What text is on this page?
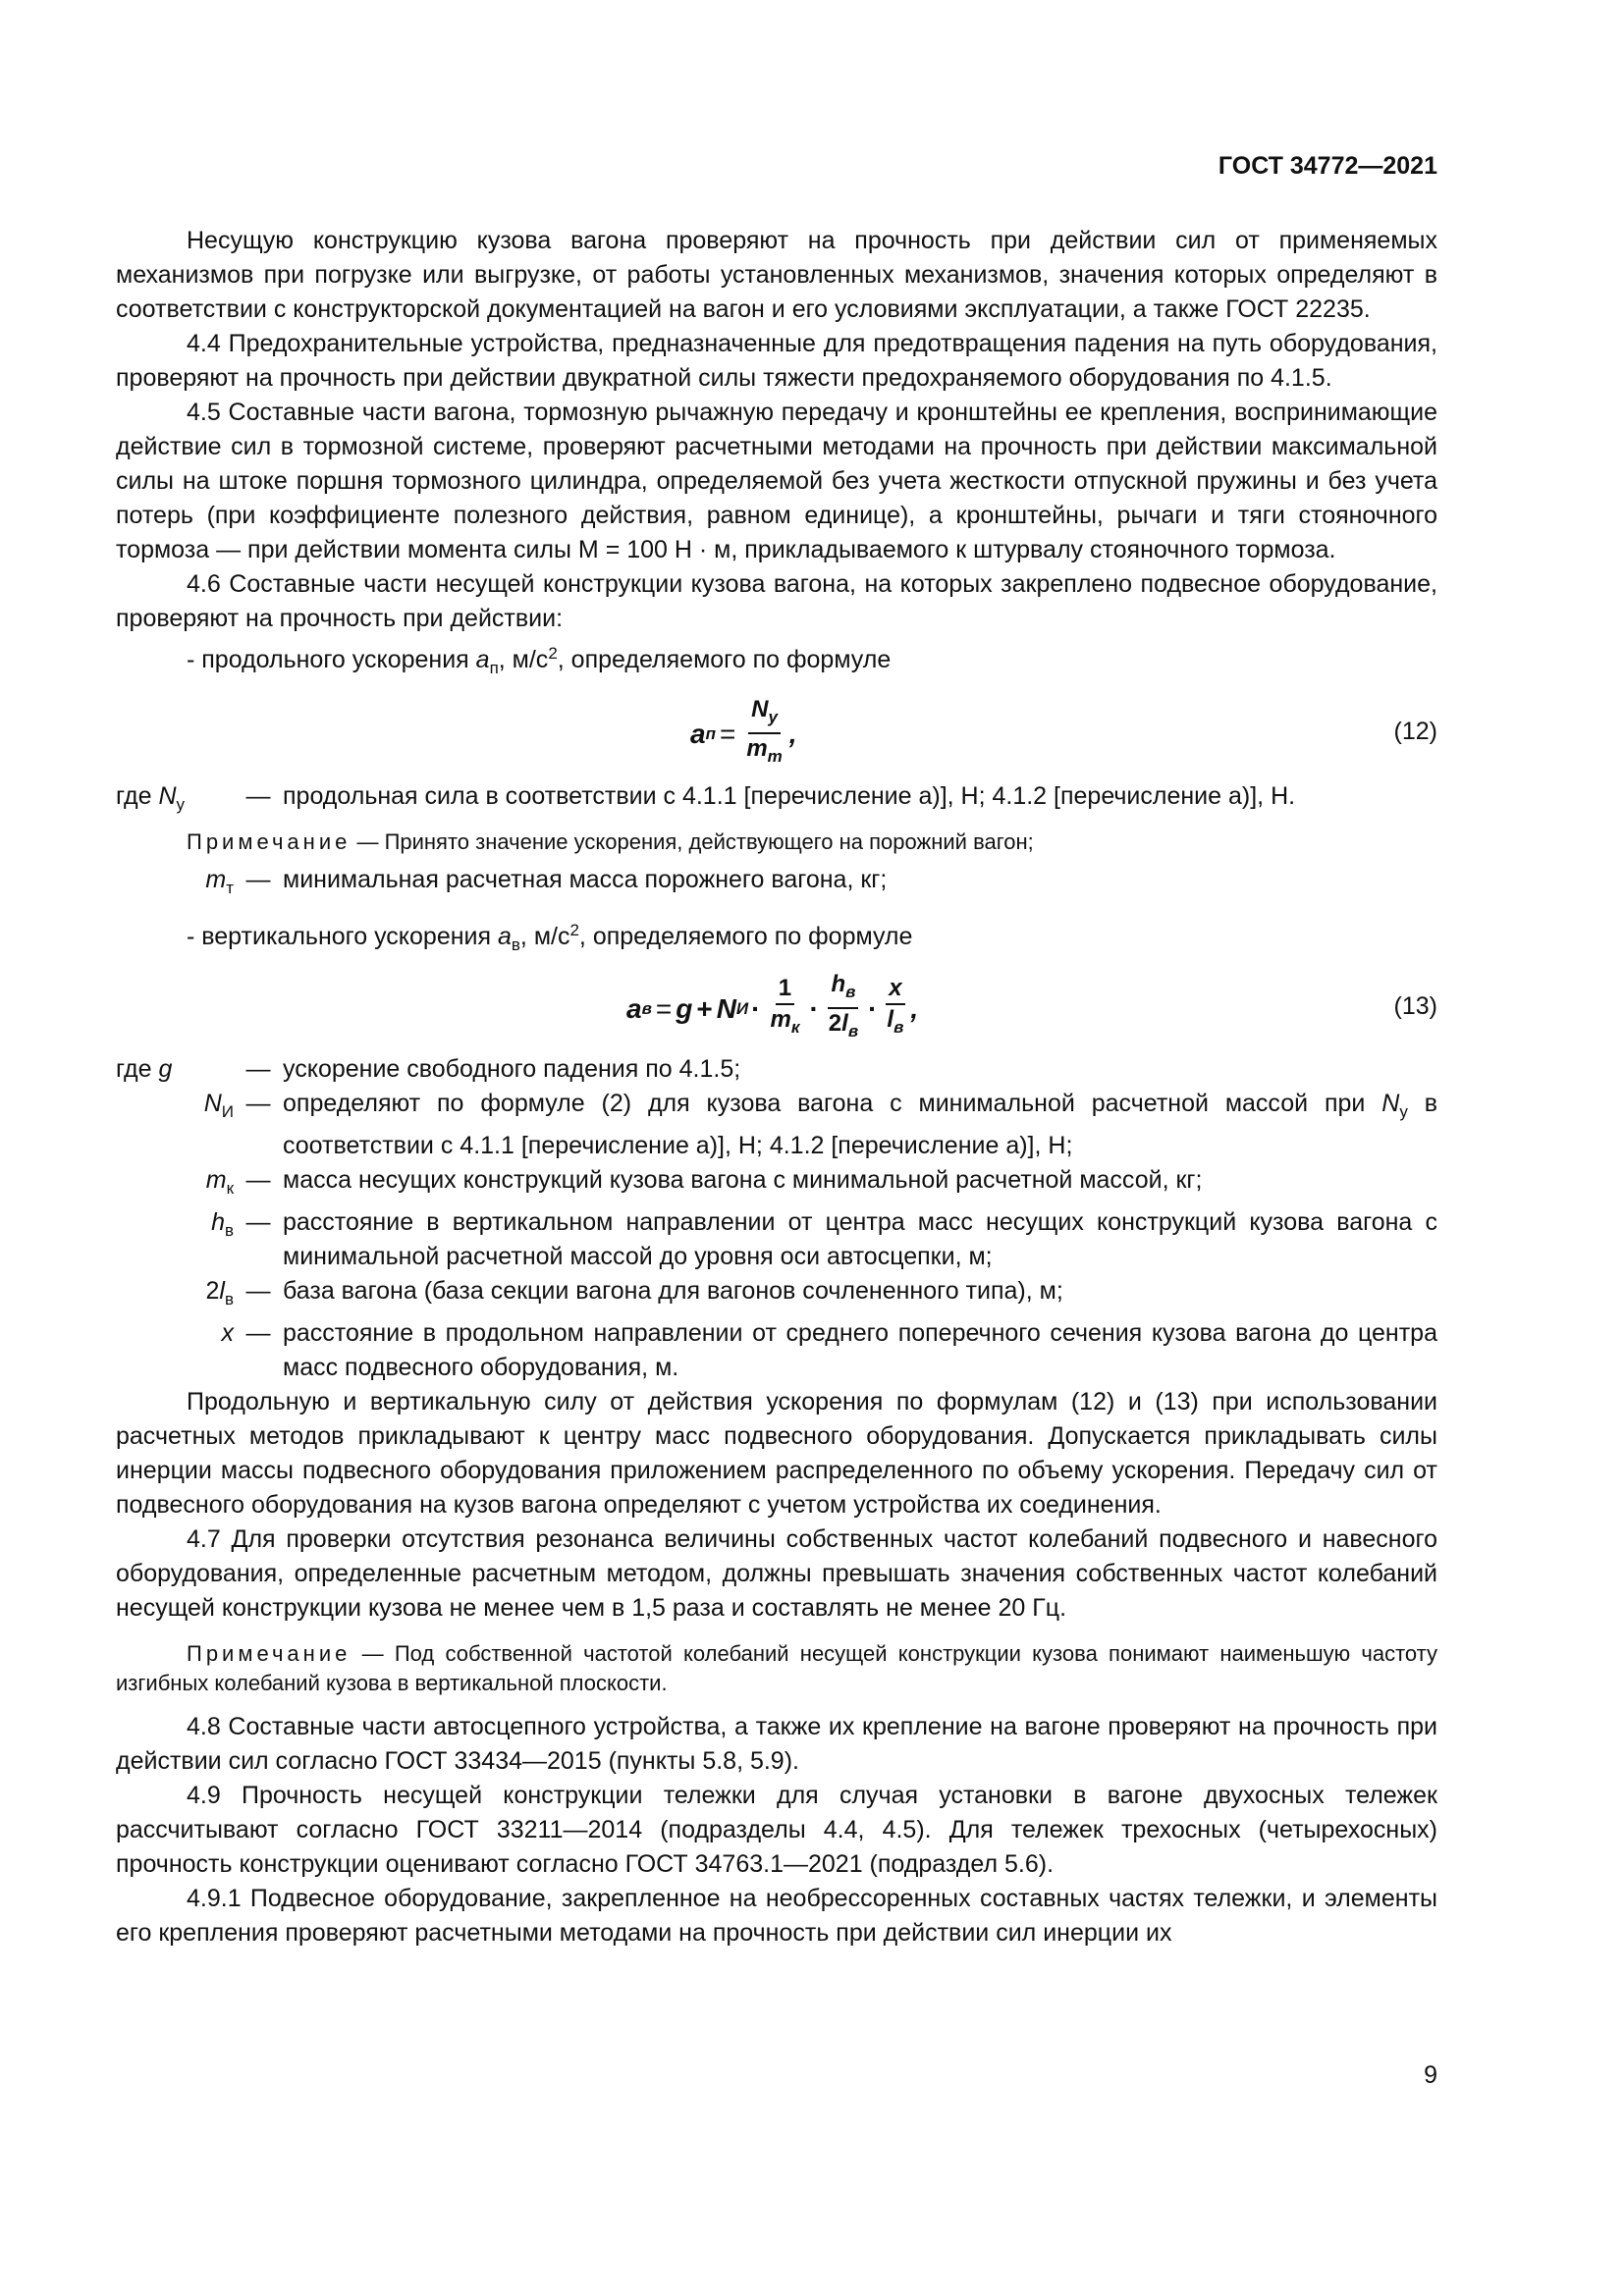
ГОСТ 34772—2021

Несущую конструкцию кузова вагона проверяют на прочность при действии сил от применяемых механизмов при погрузке или выгрузке, от работы установленных механизмов, значения которых определяют в соответствии с конструкторской документацией на вагон и его условиями эксплуатации, а также ГОСТ 22235.

4.4 Предохранительные устройства, предназначенные для предотвращения падения на путь оборудования, проверяют на прочность при действии двукратной силы тяжести предохраняемого оборудования по 4.1.5.

4.5 Составные части вагона, тормозную рычажную передачу и кронштейны ее крепления, воспринимающие действие сил в тормозной системе, проверяют расчетными методами на прочность при действии максимальной силы на штоке поршня тормозного цилиндра, определяемой без учета жесткости отпускной пружины и без учета потерь (при коэффициенте полезного действия, равном единице), а кронштейны, рычаги и тяги стояночного тормоза — при действии момента силы М = 100 Н · м, прикладываемого к штурвалу стояночного тормоза.

4.6 Составные части несущей конструкции кузова вагона, на которых закреплено подвесное оборудование, проверяют на прочность при действии:

- продольного ускорения $a_п$, $м/с^2$, определяемого по формуле

a $п = \frac{N_у}{m_т}$ ,	(12)
где $N_у$	— продольная сила в соответствии с 4.1.1 [перечисление а)], Н; 4.1.2 [перечисление а)], Н.

Примечание — Принято значение ускорения, действующего на порожний вагон;

$m_т$ — минимальная расчетная масса порожнего вагона, кг;

- вертикального ускорения $a_в$, $м/с^2$, определяемого по формуле

a в = g + N $И \cdot \frac{1}{m_к} \cdot \frac{h_в}{2l_в} \cdot \frac{x}{l_в}$ ,	(13)
где g	— ускорение свободного падения по 4.1.5;
$N_И$ — определяют по формуле (2) для кузова вагона с минимальной расчетной массой при $N_у$ в соответствии с 4.1.1 [перечисление а)], Н; 4.1.2 [перечисление а)], Н;
$m_к$ — масса несущих конструкций кузова вагона с минимальной расчетной массой, кг;
$h_в$ — расстояние в вертикальном направлении от центра масс несущих конструкций кузова вагона с минимальной расчетной массой до уровня оси автосцепки, м;
$2l_в$ — база вагона (база секции вагона для вагонов сочлененного типа), м;
x — расстояние в продольном направлении от среднего поперечного сечения кузова вагона до центра масс подвесного оборудования, м.

Продольную и вертикальную силу от действия ускорения по формулам (12) и (13) при использовании расчетных методов прикладывают к центру масс подвесного оборудования. Допускается прикладывать силы инерции массы подвесного оборудования приложением распределенного по объему ускорения. Передачу сил от подвесного оборудования на кузов вагона определяют с учетом устройства их соединения.

4.7 Для проверки отсутствия резонанса величины собственных частот колебаний подвесного и навесного оборудования, определенные расчетным методом, должны превышать значения собственных частот колебаний несущей конструкции кузова не менее чем в 1,5 раза и составлять не менее 20 Гц.

Примечание — Под собственной частотой колебаний несущей конструкции кузова понимают наименьшую частоту изгибных колебаний кузова в вертикальной плоскости.

4.8 Составные части автосцепного устройства, а также их крепление на вагоне проверяют на прочность при действии сил согласно ГОСТ 33434—2015 (пункты 5.8, 5.9).

4.9 Прочность несущей конструкции тележки для случая установки в вагоне двухосных тележек рассчитывают согласно ГОСТ 33211—2014 (подразделы 4.4, 4.5). Для тележек трехосных (четырехосных) прочность конструкции оценивают согласно ГОСТ 34763.1—2021 (подраздел 5.6).

4.9.1 Подвесное оборудование, закрепленное на необрессоренных составных частях тележки, и элементы его крепления проверяют расчетными методами на прочность при действии сил инерции их

9
